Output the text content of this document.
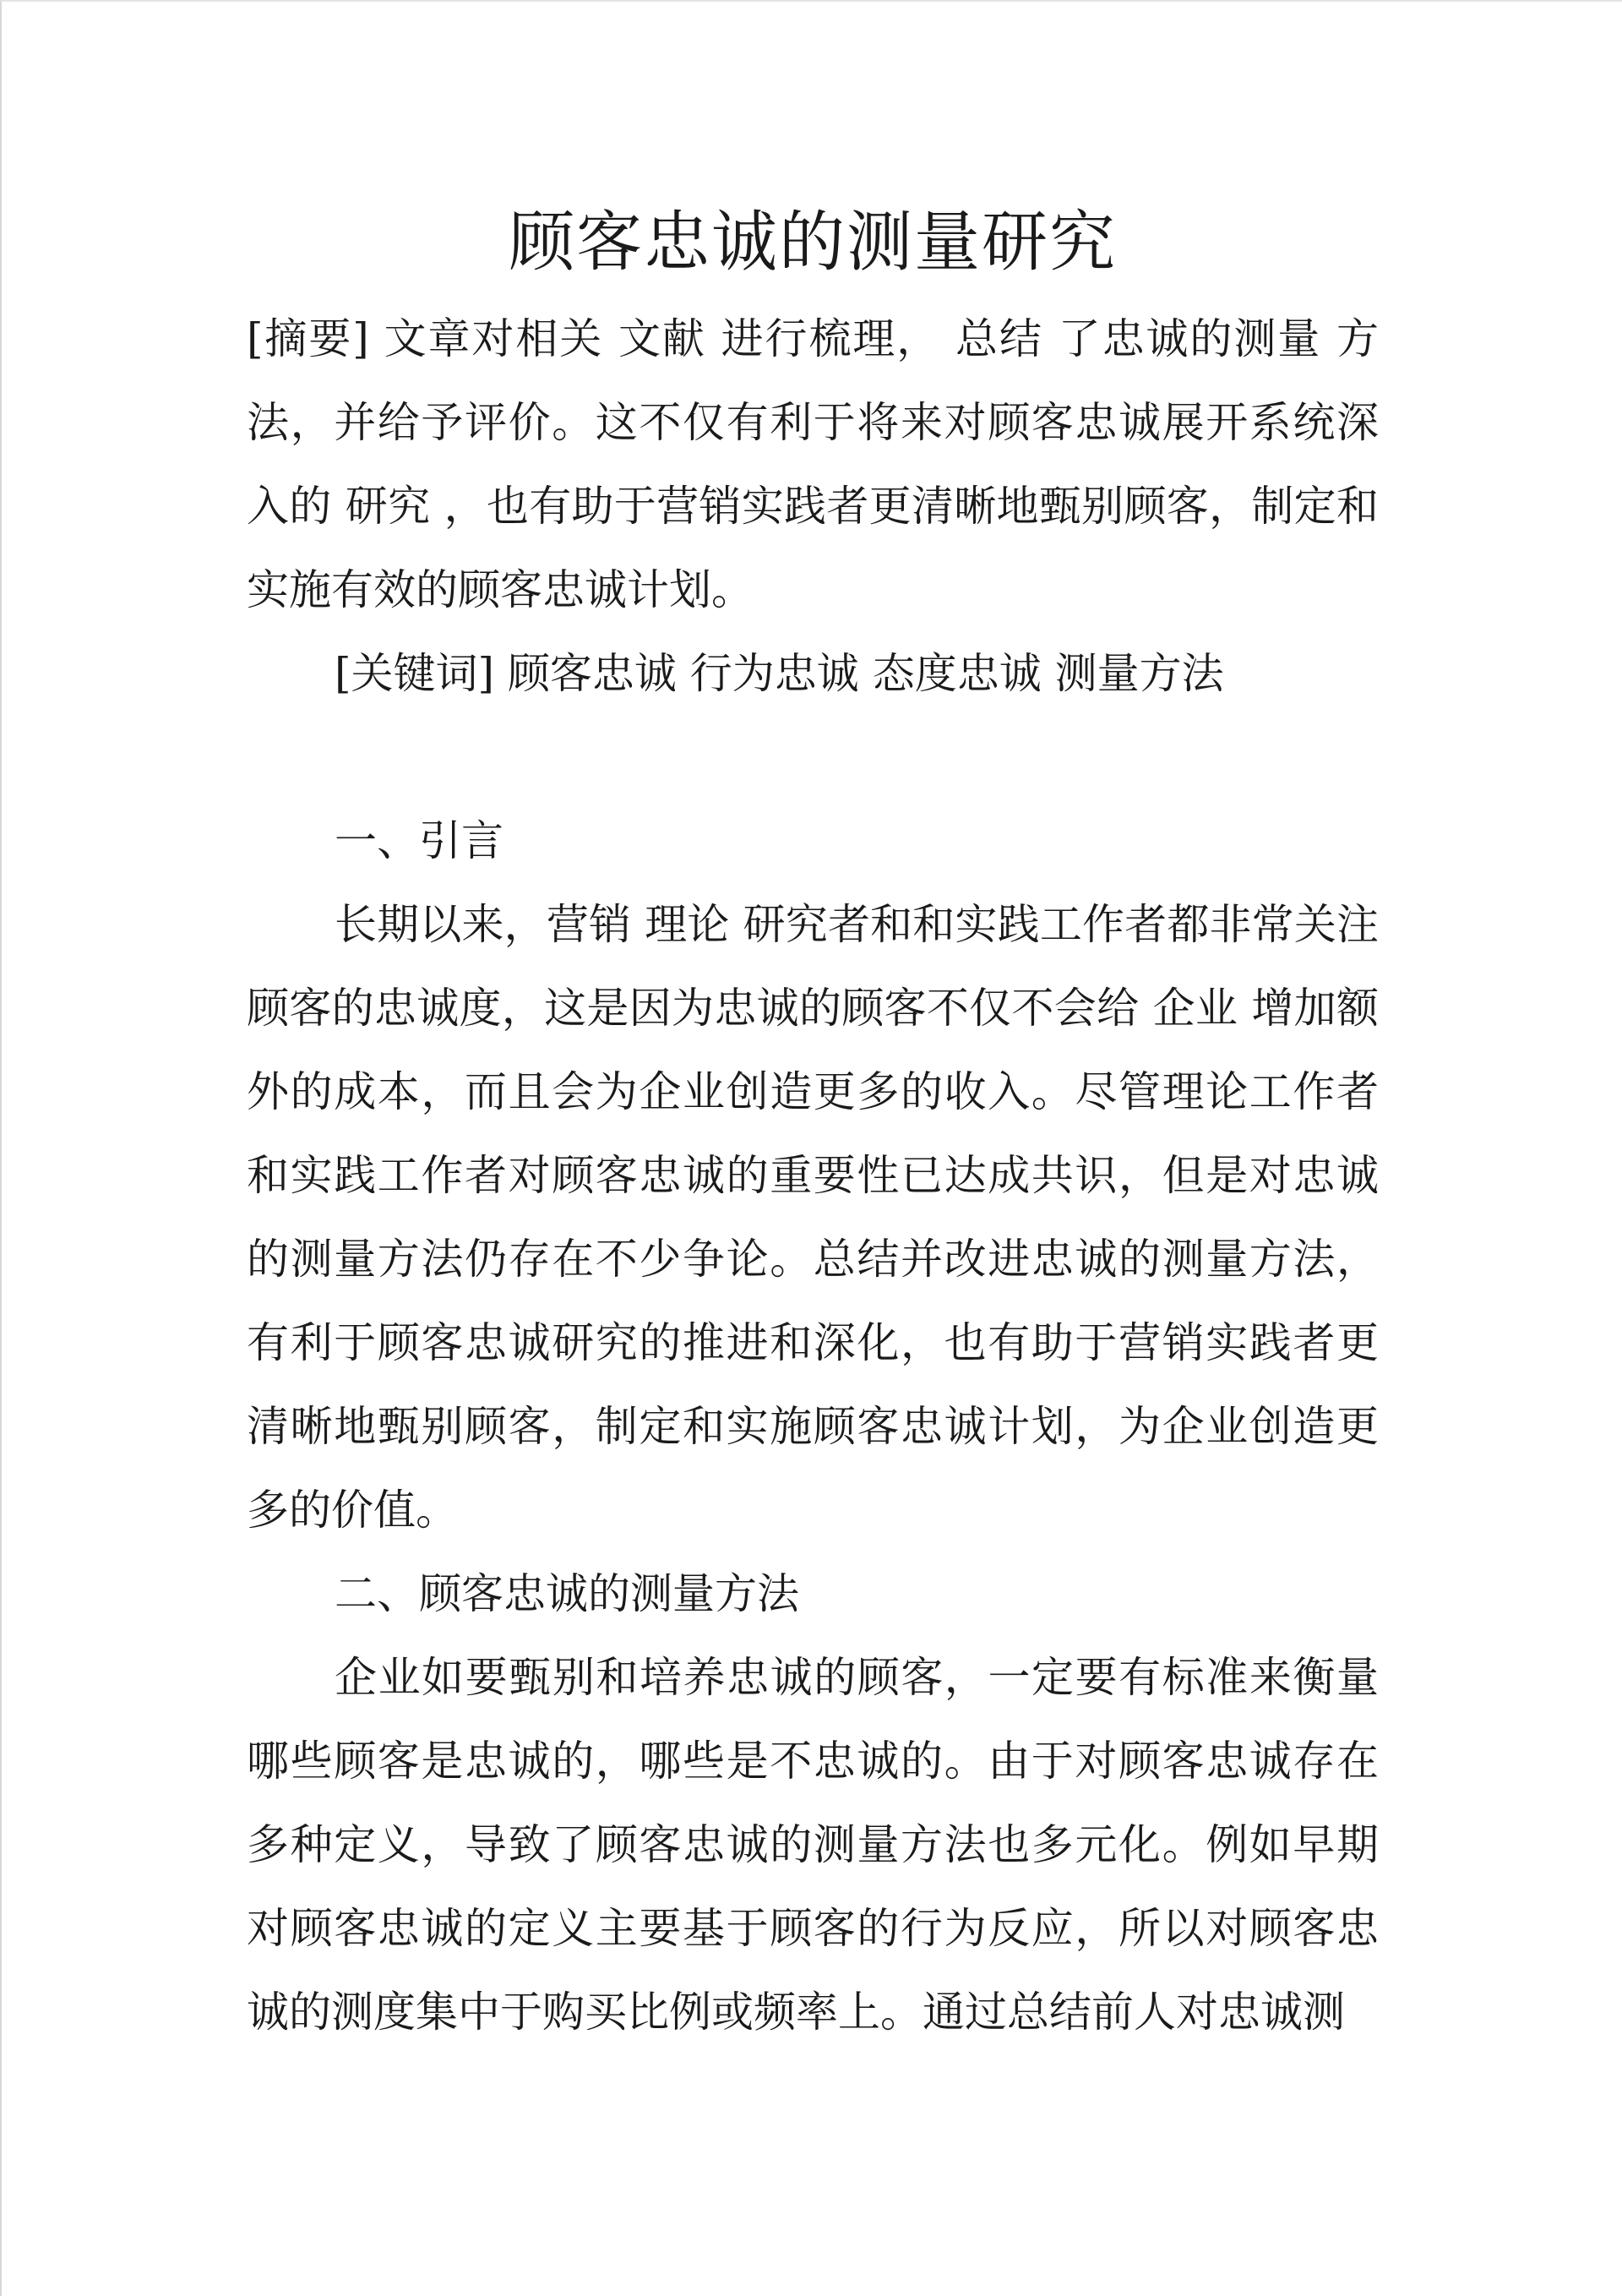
顾客忠诚的测量研究

[摘要] 文章对相关 文献 进行梳理， 总结 了忠诚的测量 方法，并给予评价。这不仅有利于将来对顾客忠诚展开系统深入的 研究 ，也有助于营销实践者更清晰地甄别顾客，制定和实施有效的顾客忠诚计划。

[关键词] 顾客忠诚 行为忠诚 态度忠诚 测量方法

一、引言

长期以来，营销 理论 研究者和和实践工作者都非常关注顾客的忠诚度，这是因为忠诚的顾客不仅不会给 企业 增加额外的成本，而且会为企业创造更多的收入。尽管理论工作者和实践工作者对顾客忠诚的重要性已达成共识，但是对忠诚的测量方法仍存在不少争论。总结并改进忠诚的测量方法，有利于顾客忠诚研究的推进和深化，也有助于营销实践者更清晰地甄别顾客，制定和实施顾客忠诚计划，为企业创造更多的价值。

二、顾客忠诚的测量方法

企业如要甄别和培养忠诚的顾客，一定要有标准来衡量哪些顾客是忠诚的，哪些是不忠诚的。由于对顾客忠诚存在多种定义，导致了顾客忠诚的测量方法也多元化。例如早期对顾客忠诚的定义主要基于顾客的行为反应，所以对顾客忠诚的测度集中于购买比例或频率上。通过总结前人对忠诚测
